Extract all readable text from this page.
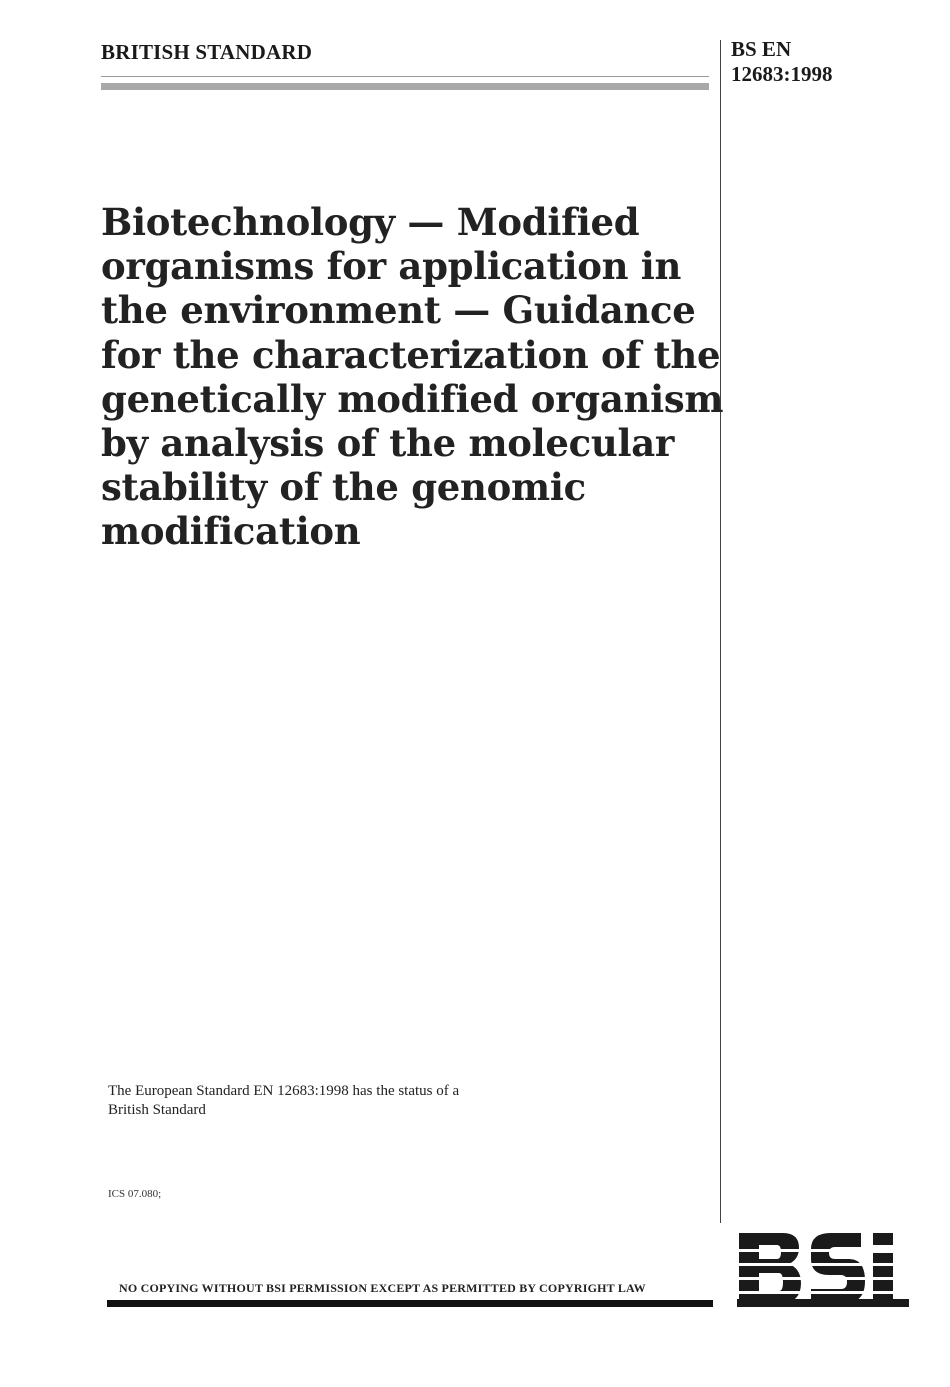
BRITISH STANDARD	BS EN
12683:1998
Biotechnology — Modified
organisms for application in
the environment — Guidance
for the characterization of the
genetically modified organism
by analysis of the molecular
stability of the genomic
modification
The European Standard EN 12683:1998 has the status of a
British Standard
ICS 07.080;
NO COPYING WITHOUT BSI PERMISSION EXCEPT AS PERMITTED BY COPYRIGHT LAW
